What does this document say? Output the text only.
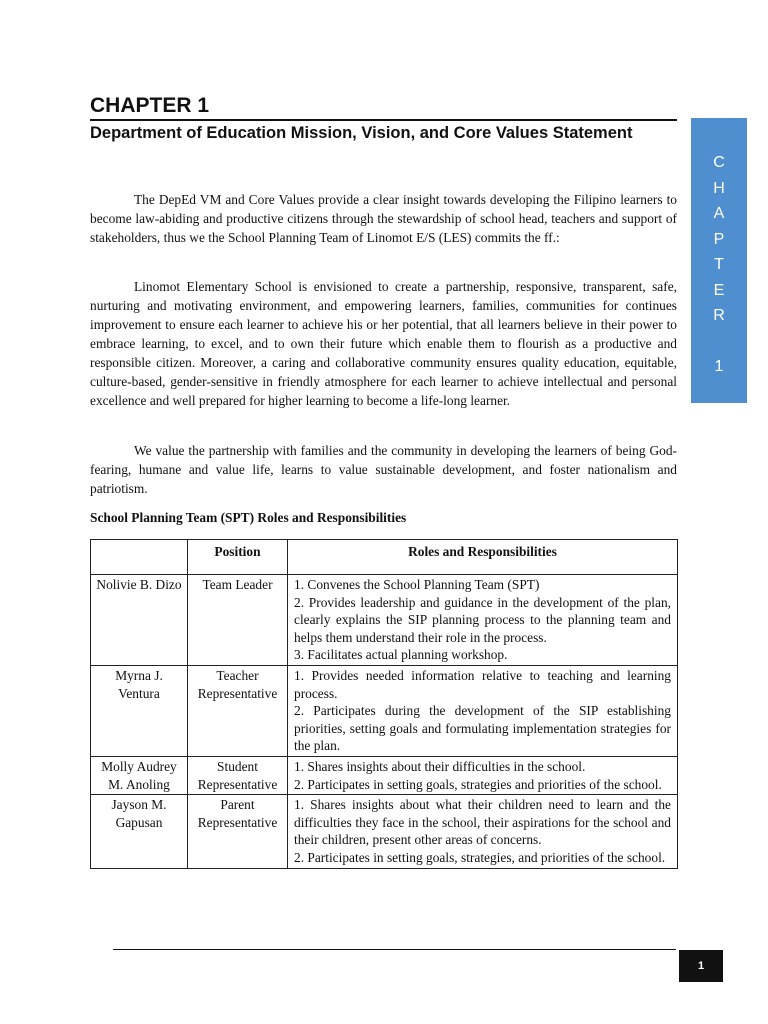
CHAPTER 1
Department of Education Mission, Vision, and Core Values Statement
C
H
A
P
T
E
R
1

The DepEd VM and Core Values provide a clear insight towards developing the Filipino learners to become law-abiding and productive citizens through the stewardship of school head, teachers and support of stakeholders, thus we the School Planning Team of Linomot E/S (LES) commits the ff.:

Linomot Elementary School is envisioned to create a partnership, responsive, transparent, safe, nurturing and motivating environment, and empowering learners, families, communities for continues improvement to ensure each learner to achieve his or her potential, that all learners believe in their power to embrace learning, to excel, and to own their future which enable them to flourish as a productive and responsible citizen. Moreover, a caring and collaborative community ensures quality education, equitable, culture-based, gender-sensitive in friendly atmosphere for each learner to achieve intellectual and personal excellence and well prepared for higher learning to become a life-long learner.

We value the partnership with families and the community in developing the learners of being God-fearing, humane and value life, learns to value sustainable development, and foster nationalism and patriotism.

School Planning Team (SPT) Roles and Responsibilities
	Position	Roles and Responsibilities
Nolivie B. Dizo	Team Leader	1. Convenes the School Planning Team (SPT)
2. Provides leadership and guidance in the development of the plan, clearly explains the SIP planning process to the planning team and helps them understand their role in the process.
3. Facilitates actual planning workshop.

Myrna J. Ventura	Teacher Representative	1. Provides needed information relative to teaching and learning process.
2. Participates during the development of the SIP establishing priorities, setting goals and formulating implementation strategies for the plan.

Molly Audrey M. Anoling	Student Representative	1. Shares insights about their difficulties in the school.
2. Participates in setting goals, strategies and priorities of the school.

Jayson M. Gapusan	Parent Representative	1. Shares insights about what their children need to learn and the difficulties they face in the school, their aspirations for the school and their children, present other areas of concerns.
2. Participates in setting goals, strategies, and priorities of the school.
1
